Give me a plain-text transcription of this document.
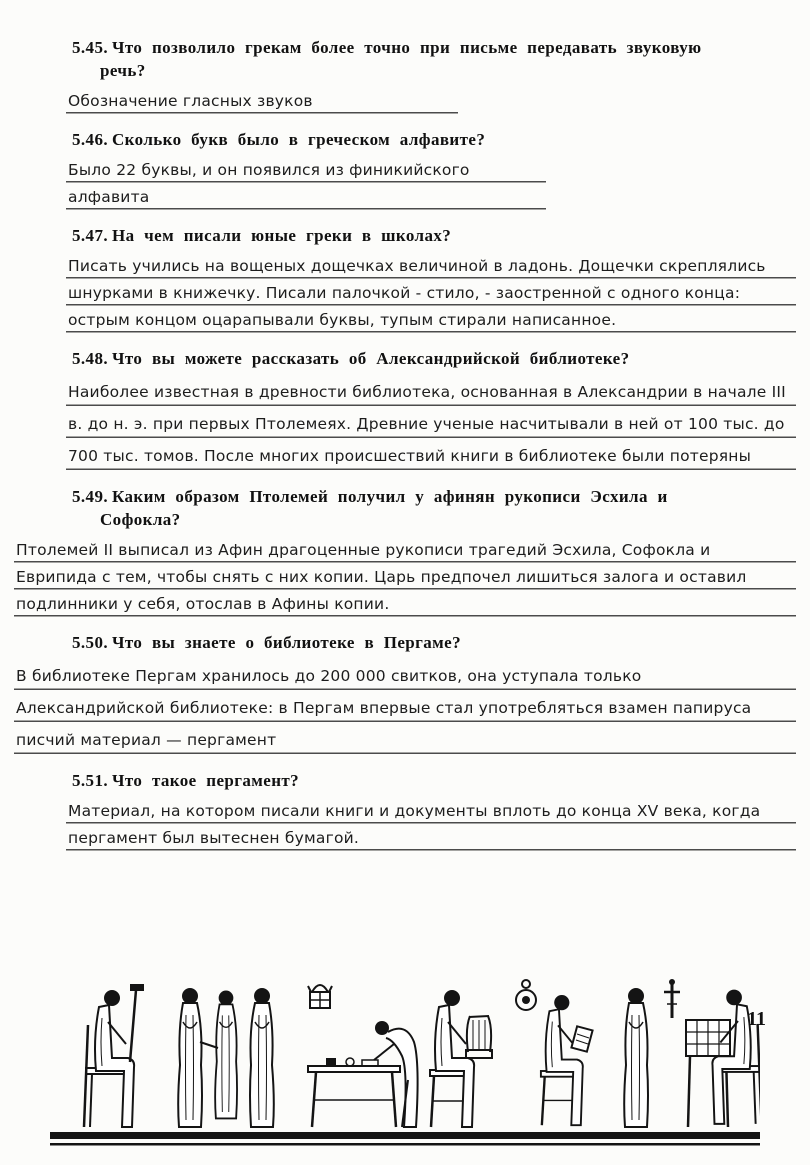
5.45. Что позволило грекам более точно при письме передавать звуковую речь?

Обозначение гласных звуков

5.46. Сколько букв было в греческом алфавите?

Было 22 буквы, и он появился из финикийского алфавита

5.47. На чем писали юные греки в школах?

Писать учились на вощеных дощечках величиной в ладонь. Дощечки скреплялись шнурками в книжечку. Писали палочкой - стило, - заостренной с одного конца: острым концом оцарапывали буквы, тупым стирали написанное.

5.48. Что вы можете рассказать об Александрийской библиотеке?

Наиболее известная в древности библиотека, основанная в Александрии в начале III в. до н. э. при первых Птолемеях. Древние ученые насчитывали в ней от 100 тыс. до 700 тыс. томов. После многих происшествий книги в библиотеке были потеряны

5.49. Каким образом Птолемей получил у афинян рукописи Эсхила и Софокла?

Птолемей II выписал из Афин драгоценные рукописи трагедий Эсхила, Софокла и Еврипида с тем, чтобы снять с них копии. Царь предпочел лишиться залога и оставил подлинники у себя, отослав в Афины копии.

5.50. Что вы знаете о библиотеке в Пергаме?

В библиотеке Пергам хранилось до 200 000 свитков, она уступала только Александрийской библиотеке: в Пергам впервые стал употребляться взамен папируса писчий материал — пергамент

5.51. Что такое пергамент?

Материал, на котором писали книги и документы вплоть до конца XV века, когда пергамент был вытеснен бумагой.
11
